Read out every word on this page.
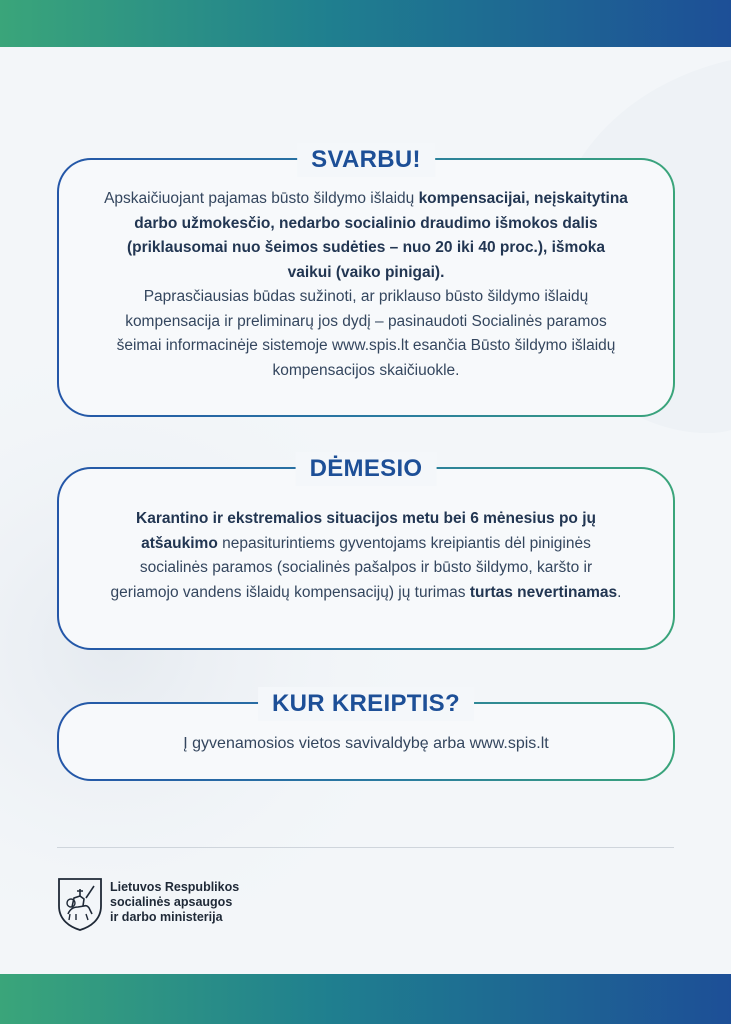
SVARBU!
Apskaičiuojant pajamas būsto šildymo išlaidų kompensacijai, neįskaitytina darbo užmokesčio, nedarbo socialinio draudimo išmokos dalis (priklausomai nuo šeimos sudėties – nuo 20 iki 40 proc.), išmoka vaikui (vaiko pinigai).
Paprasčiausias būdas sužinoti, ar priklauso būsto šildymo išlaidų kompensacija ir preliminarų jos dydį – pasinaudoti Socialinės paramos šeimai informacinėje sistemoje www.spis.lt esančia Būsto šildymo išlaidų kompensacijos skaičiuokle.
DĖMESIO
Karantino ir ekstremalios situacijos metu bei 6 mėnesius po jų atšaukimo nepasiturintiems gyventojams kreipiantis dėl piniginės socialinės paramos (socialinės pašalpos ir būsto šildymo, karšto ir geriamojo vandens išlaidų kompensacijų) jų turimas turtas nevertinamas.
KUR KREIPTIS?
Į gyvenamosios vietos savivaldybę arba www.spis.lt
Lietuvos Respublikos
socialinės apsaugos
ir darbo ministerija
